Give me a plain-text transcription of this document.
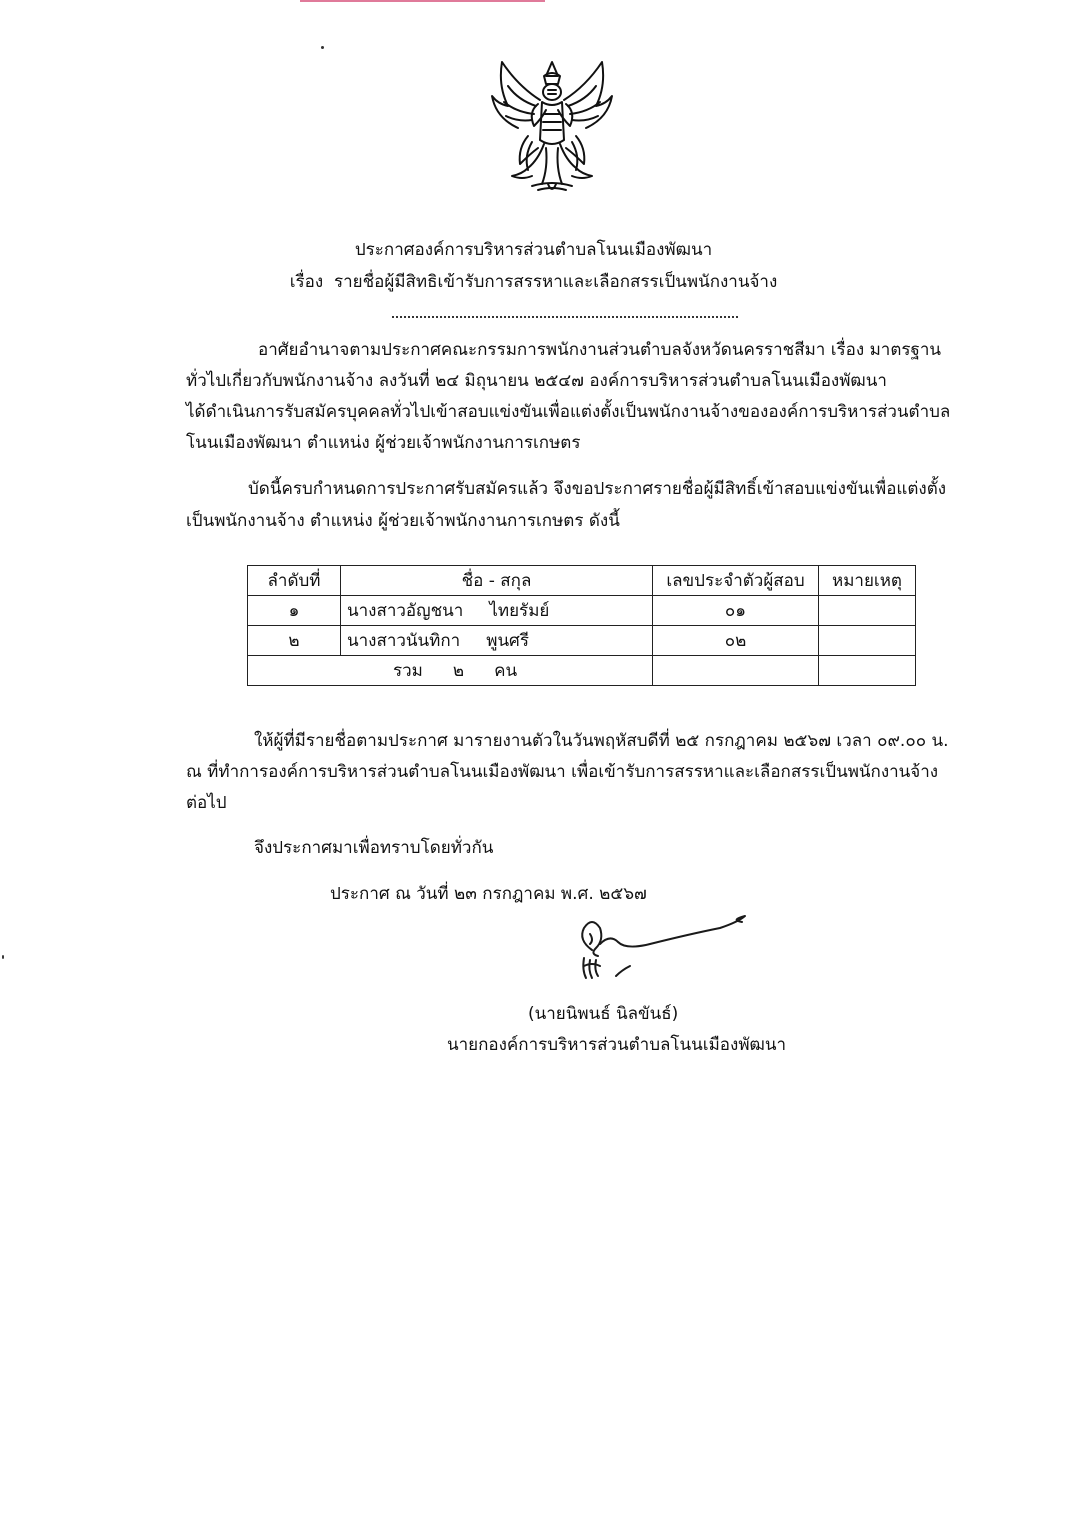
ประกาศองค์การบริหารส่วนตำบลโนนเมืองพัฒนา
เรื่อง รายชื่อผู้มีสิทธิเข้ารับการสรรหาและเลือกสรรเป็นพนักงานจ้าง
อาศัยอำนาจตามประกาศคณะกรรมการพนักงานส่วนตำบลจังหวัดนครราชสีมา เรื่อง มาตรฐาน
ทั่วไปเกี่ยวกับพนักงานจ้าง ลงวันที่ ๒๔ มิถุนายน ๒๕๔๗ องค์การบริหารส่วนตำบลโนนเมืองพัฒนา
ได้ดำเนินการรับสมัครบุคคลทั่วไปเข้าสอบแข่งขันเพื่อแต่งตั้งเป็นพนักงานจ้างขององค์การบริหารส่วนตำบล
โนนเมืองพัฒนา ตำแหน่ง ผู้ช่วยเจ้าพนักงานการเกษตร
บัดนี้ครบกำหนดการประกาศรับสมัครแล้ว จึงขอประกาศรายชื่อผู้มีสิทธิ์เข้าสอบแข่งขันเพื่อแต่งตั้ง
เป็นพนักงานจ้าง ตำแหน่ง ผู้ช่วยเจ้าพนักงานการเกษตร ดังนี้
ลำดับที่	ชื่อ - สกุล	เลขประจำตัวผู้สอบ	หมายเหตุ
๑	นางสาวอัญชนา ไทยรัมย์	๐๑	
๒	นางสาวนันทิกา พูนศรี	๐๒	
รวม ๒ คน			
ให้ผู้ที่มีรายชื่อตามประกาศ มารายงานตัวในวันพฤหัสบดีที่ ๒๕ กรกฎาคม ๒๕๖๗ เวลา ๐๙.๐๐ น.
ณ ที่ทำการองค์การบริหารส่วนตำบลโนนเมืองพัฒนา เพื่อเข้ารับการสรรหาและเลือกสรรเป็นพนักงานจ้าง
ต่อไป
จึงประกาศมาเพื่อทราบโดยทั่วกัน
ประกาศ ณ วันที่ ๒๓ กรกฎาคม พ.ศ. ๒๕๖๗
(นายนิพนธ์ นิลขันธ์)
นายกองค์การบริหารส่วนตำบลโนนเมืองพัฒนา
